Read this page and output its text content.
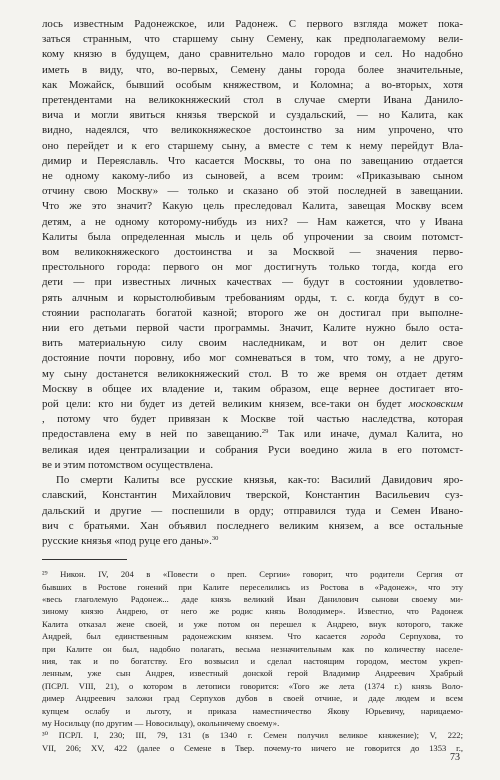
лось известным Радонежское, или Радонеж. С первого взгляда может пока-
заться странным, что старшему сыну Семену, как предполагаемому вели-
кому князю в будущем, дано сравнительно мало городов и сел. Но надобно
иметь в виду, что, во-первых, Семену даны города более значительные,
как Можайск, бывший особым княжеством, и Коломна; а во-вторых, хотя
претендентами на великокняжеский стол в случае смерти Ивана Данило-
вича и могли явиться князья тверской и суздальский, — но Калита, как
видно, надеялся, что великокняжеское достоинство за ним упрочено, что
оно перейдет и к его старшему сыну, а вместе с тем к нему перейдут Вла-
димир и Переяславль. Что касается Москвы, то она по завещанию отдается
не одному какому-либо из сыновей, а всем троим: «Приказываю сыном
отчину свою Москву» — только и сказано об этой последней в завещании.
Что же это значит? Какую цель преследовал Калита, завещая Москву всем
детям, а не одному которому-нибудь из них? — Нам кажется, что у Ивана
Калиты была определенная мысль и цель об упрочении за своим потомст-
вом великокняжеского достоинства и за Москвой — значения перво-
престольного города: первого он мог достигнуть только тогда, когда его
дети — при известных личных качествах — будут в состоянии удовлетво-
рять алчным и корыстолюбивым требованиям орды, т. с. когда будут в со-
стоянии располагать богатой казной; второго же он достигал при выполне-
нии его детьми первой части программы. Значит, Калите нужно было оста-
вить материальную силу своим наследникам, и вот он делит свое
достояние почти поровну, ибо мог сомневаться в том, что тому, а не друго-
му сыну достанется великокняжеский стол. В то же время он отдает детям
Москву в общее их владение и, таким образом, еще вернее достигает вто-
рой цели: кто ни будет из детей великим князем, все-таки он будет московским
, потому что будет привязан к Москве той частью наследства, которая
предоставлена ему в ней по завещанию.$^{29}$ Так или иначе, думал Калита, но
великая идея централизации и собрания Руси воедино жила в его потомст-
ве и этим потомством осуществлена.
По смерти Калиты все русские князья, как-то: Василий Давидович яро-
славский, Константин Михайлович тверской, Константин Васильевич суз-
дальский и другие — поспешили в орду; отправился туда и Семен Ивано-
вич с братьями. Хан объявил последнего великим князем, а все остальные
русские князья «под руце его даны».$^{30}$
²⁹ Никон. IV, 204 в «Повести о преп. Сергии» говорит, что родители Сергия от
бывших в Ростове гонений при Калите переселились из Ростова в «Радонеж», что эту
«весь глаголемую Радонеж... даде князь великий Иван Данилович сынови своему ми-
зиному князю Андрею, от него же родис князь Володимер». Известно, что Радонеж
Калита отказал жене своей, и уже потом он перешел к Андрею, внук которого, также
Андрей, был единственным радонежским князем. Что касается города Серпухова, то
при Калите он был, надобно полагать, весьма незначительным как по количеству населе-
ния, так и по богатству. Его возвысил и сделал настоящим городом, местом укреп-
ленным, уже сын Андрея, известный донской герой Владимир Андреевич Храбрый
(ПСРЛ. VIII, 21), о котором в летописи говорится: «Того же лета (1374 г.) князь Воло-
димер Андреевич заложи град Серпухов дубов в своей отчине, и даде людем и всем
купцем ослабу и льготу, и приказа наместничество Якову Юрьевичу, нарицаемо-
му Носильцу (по другим — Новосильцу), окольничему своему».
³⁰ ПСРЛ. I, 230; III, 79, 131 (в 1340 г. Семен получил великое княжение); V, 222;
VII, 206; XV, 422 (далее о Семене в Твер. почему-то ничего не говорится до 1353 г.,
73
